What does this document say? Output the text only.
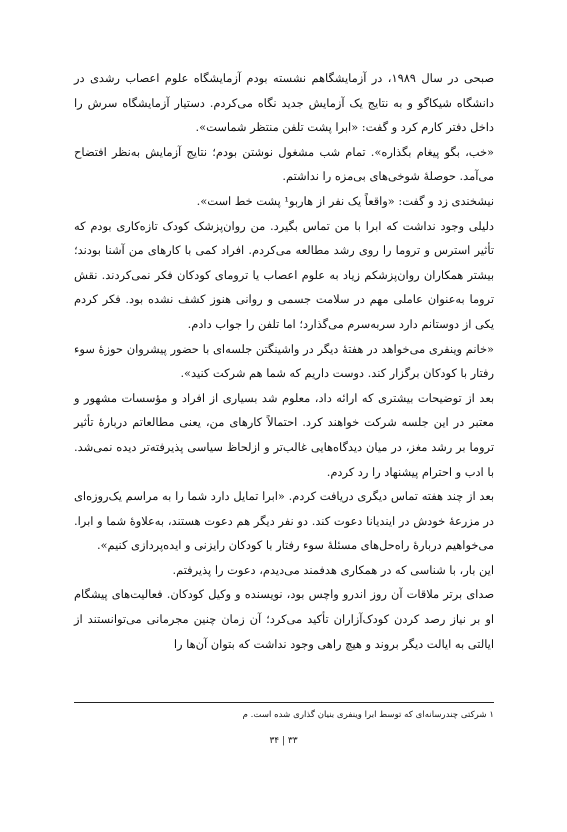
صبحی در سال ۱۹۸۹، در آزمایشگاهم نشسته بودم آزمایشگاه علوم اعصاب رشدی در دانشگاه شیکاگو و به نتایج یک آزمایش جدید نگاه می‌کردم. دستیار آزمایشگاه سرش را داخل دفتر کارم کرد و گفت: «ابرا پشت تلفن منتظر شماست».

«خب، بگو پیغام بگذاره». تمام شب مشغول نوشتن بودم؛ نتایج آزمایش به‌نظر افتضاح می‌آمد. حوصلهٔ شوخی‌های بی‌مزه را نداشتم.

نیشخندی زد و گفت: «واقعاً یک نفر از هاربو¹ پشت خط است».

دلیلی وجود نداشت که ابرا با من تماس بگیرد. من روان‌پزشک کودک تازه‌کاری بودم که تأثیر استرس و تروما را روی رشد مطالعه می‌کردم. افراد کمی با کارهای من آشنا بودند؛ بیشتر همکاران روان‌پزشکم زیاد به علوم اعصاب یا ترومای کودکان فکر نمی‌کردند. نقش تروما به‌عنوان عاملی مهم در سلامت جسمی و روانی هنوز کشف نشده بود. فکر کردم یکی از دوستانم دارد سربه‌سرم می‌گذارد؛ اما تلفن را جواب دادم.

«خانم وینفری می‌خواهد در هفتهٔ دیگر در واشینگتن جلسه‌ای با حضور پیشروان حوزهٔ سوء رفتار با کودکان برگزار کند. دوست داریم که شما هم شرکت کنید».

بعد از توضیحات بیشتری که ارائه داد، معلوم شد بسیاری از افراد و مؤسسات مشهور و معتبر در این جلسه شرکت خواهند کرد. احتمالاً کارهای من، یعنی مطالعاتم دربارهٔ تأثیر تروما بر رشد مغز، در میان دیدگاه‌هایی غالب‌تر و ازلحاظ سیاسی پذیرفته‌تر دیده نمی‌شد. با ادب و احترام پیشنهاد را رد کردم.

بعد از چند هفته تماس دیگری دریافت کردم. «ابرا تمایل دارد شما را به مراسم یک‌روزه‌ای در مزرعهٔ خودش در ایندیانا دعوت کند. دو نفر دیگر هم دعوت هستند، به‌علاوهٔ شما و ابرا. می‌خواهیم دربارهٔ راه‌حل‌های مسئلهٔ سوء رفتار با کودکان رایزنی و ایده‌پردازی کنیم».

این بار، با شناسی که در همکاری هدفمند می‌دیدم، دعوت را پذیرفتم.

صدای برتر ملاقات آن روز اندرو واچس بود، نویسنده و وکیل کودکان. فعالیت‌های پیشگام او بر نیاز رصد کردن کودک‌آزاران تأکید می‌کرد؛ آن زمان چنین مجرمانی می‌توانستند از ایالتی به ایالت دیگر بروند و هیچ راهی وجود نداشت که بتوان آن‌ها را

۱ شرکتی چندرسانه‌ای که توسط ابرا وینفری بنیان گذاری شده است. م
۳۳ | ۳۴
